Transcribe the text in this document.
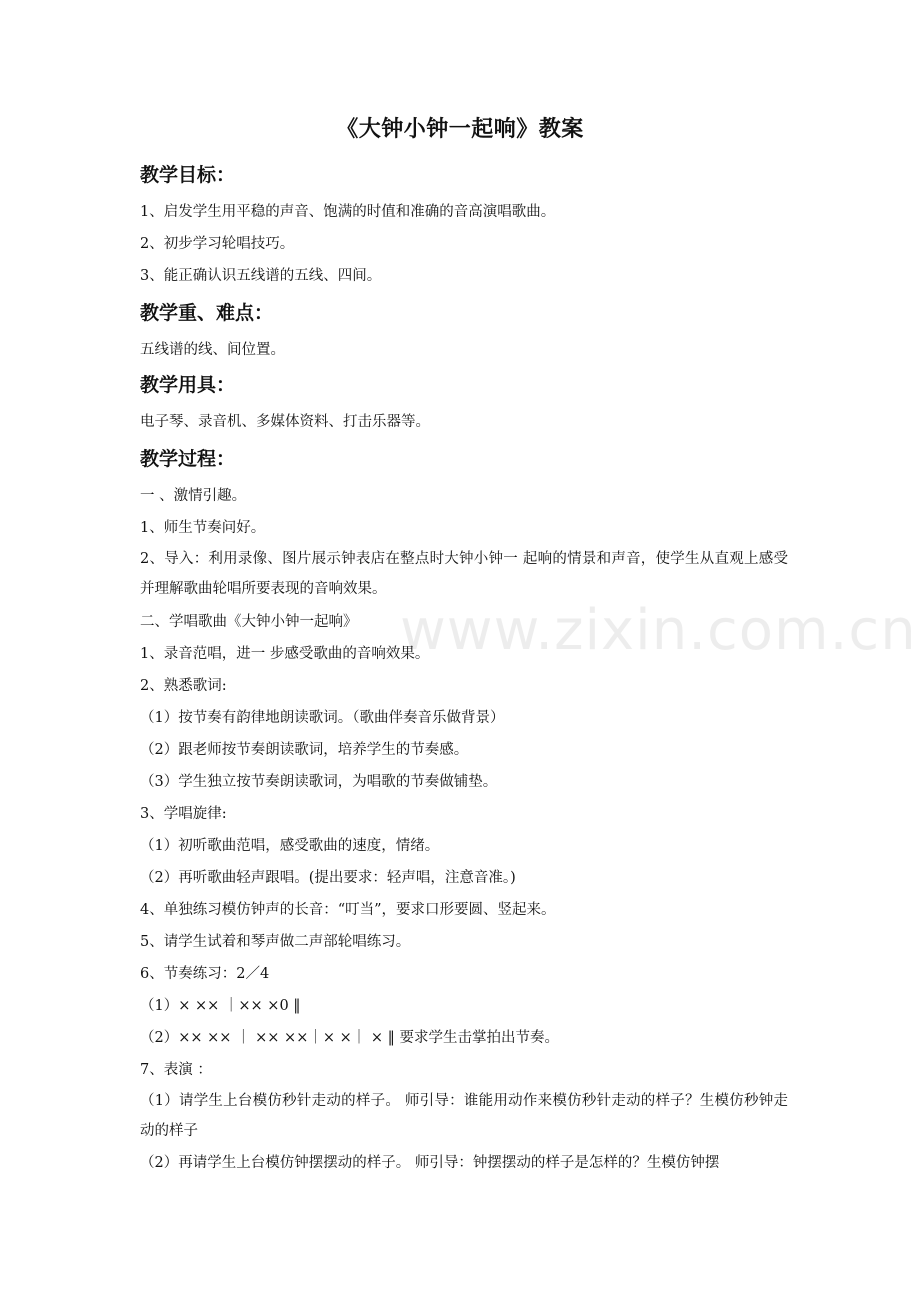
www.zixin.com.cn
《大钟小钟一起响》教案
教学目标：
1、启发学生用平稳的声音、饱满的时值和准确的音高演唱歌曲。
2、初步学习轮唱技巧。
3、能正确认识五线谱的五线、四间。
教学重、难点：
五线谱的线、间位置。
教学用具：
电子琴、录音机、多媒体资料、打击乐器等。
教学过程：
一 、激情引趣。
1、师生节奏问好。
2、导入：利用录像、图片展示钟表店在整点时大钟小钟一 起响的情景和声音，使学生从直观上感受并理解歌曲轮唱所要表现的音响效果。
二、学唱歌曲《大钟小钟一起响》
1、录音范唱，进一 步感受歌曲的音响效果。
2、熟悉歌词:
（1）按节奏有韵律地朗读歌词。（歌曲伴奏音乐做背景）
（2）跟老师按节奏朗读歌词，培养学生的节奏感。
（3）学生独立按节奏朗读歌词，为唱歌的节奏做铺垫。
3、学唱旋律:
（1）初听歌曲范唱，感受歌曲的速度，情绪。
（2）再听歌曲轻声跟唱。(提出要求：轻声唱，注意音准。)
4、单独练习模仿钟声的长音：“叮当”，要求口形要圆、竖起来。
5、请学生试着和琴声做二声部轮唱练习。
6、节奏练习：2／4
（1）× ×× ｜×× ×0 ‖
（2）×× ×× ｜ ×× ××｜× ×｜ × ‖ 要求学生击掌拍出节奏。
7、表演 ：
（1）请学生上台模仿秒针走动的样子。 师引导：谁能用动作来模仿秒针走动的样子？生模仿秒钟走动的样子
（2）再请学生上台模仿钟摆摆动的样子。 师引导：钟摆摆动的样子是怎样的？生模仿钟摆
